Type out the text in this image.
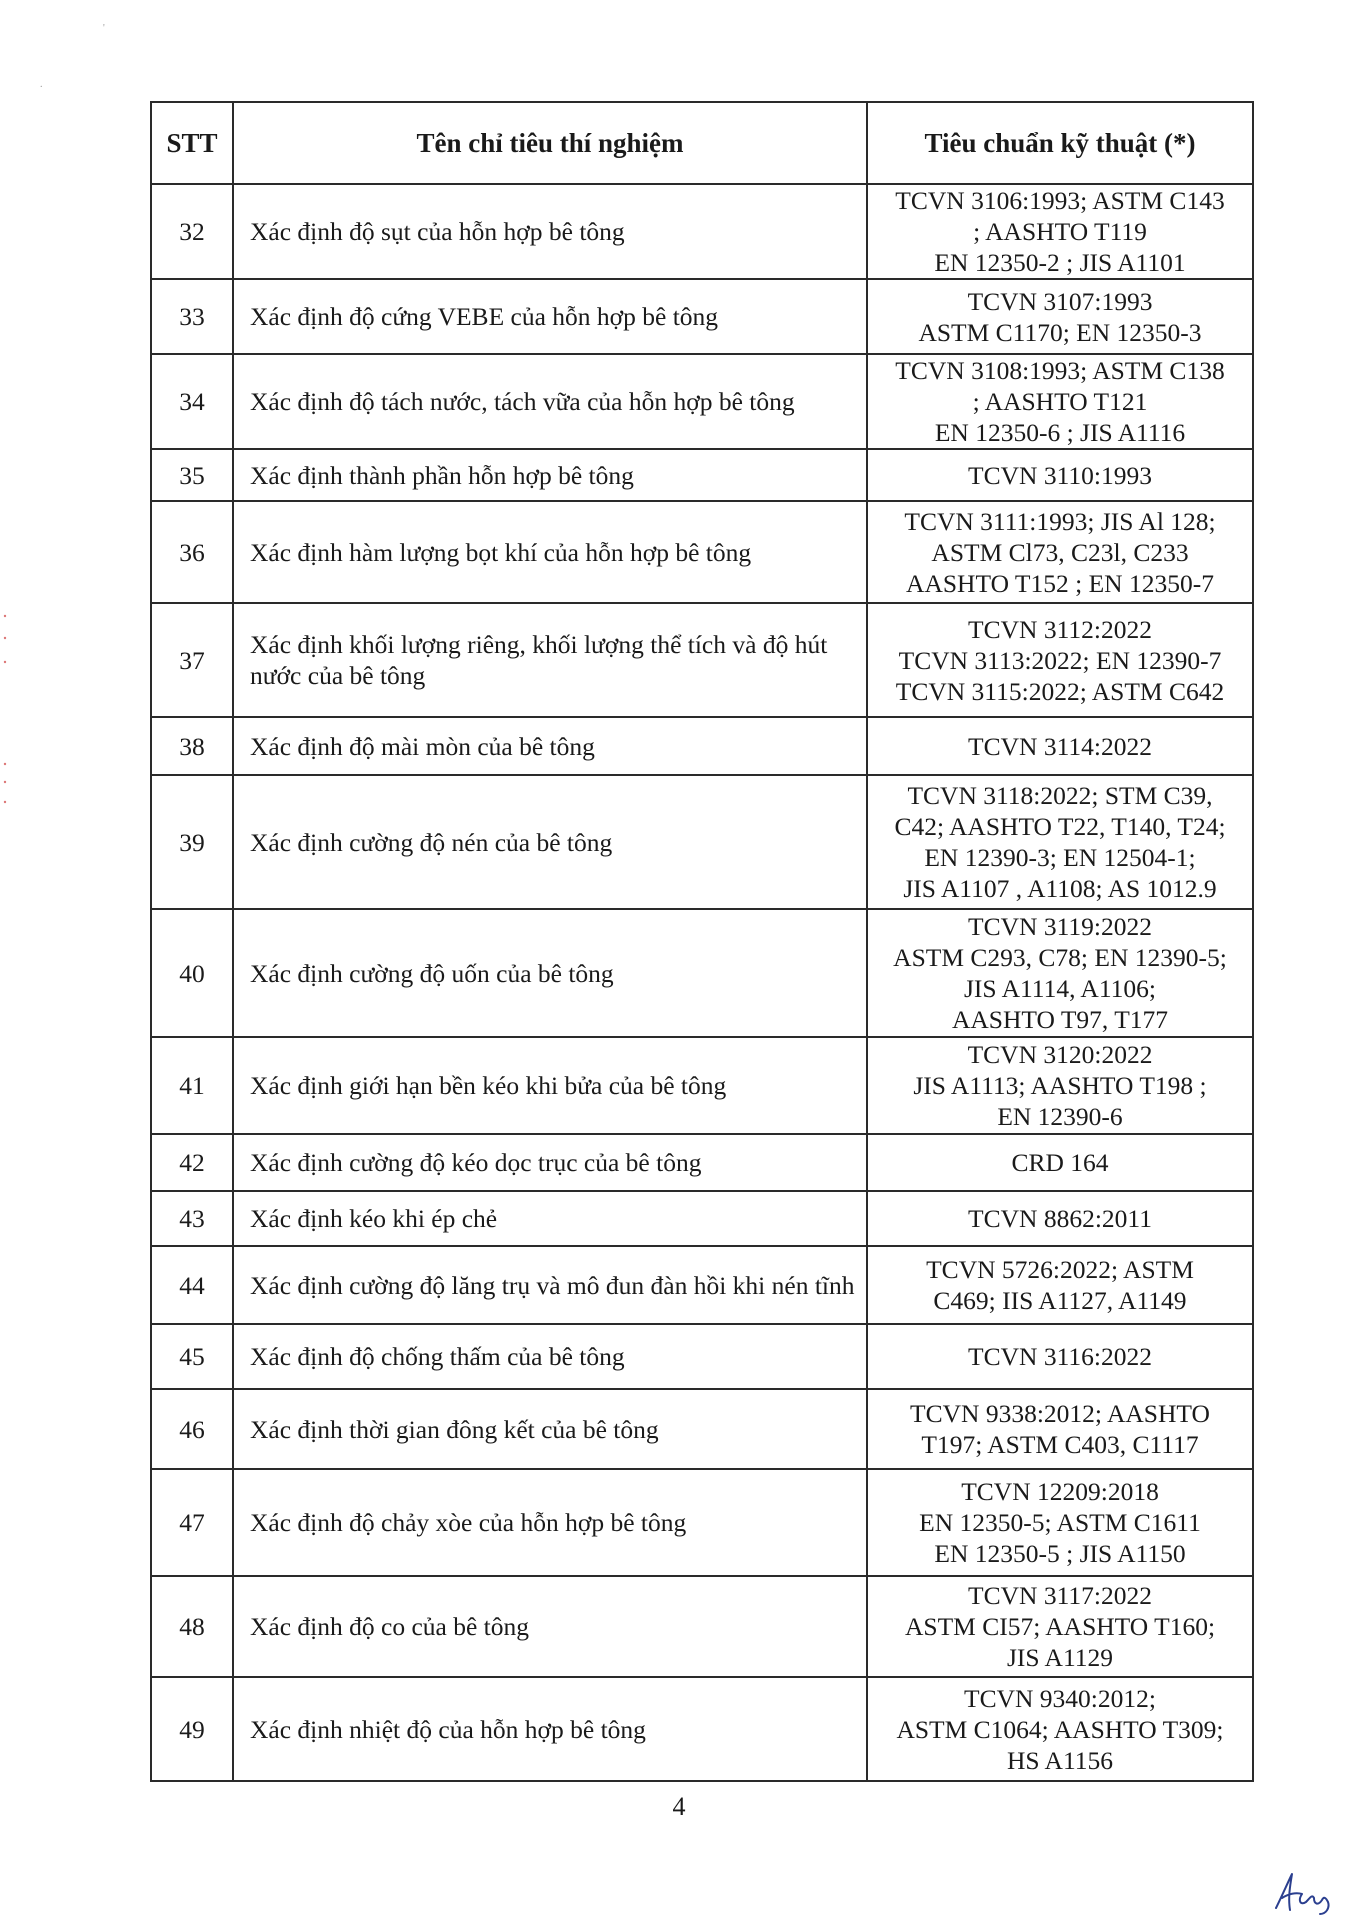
'
.
STT	Tên chỉ tiêu thí nghiệm	Tiêu chuẩn kỹ thuật (*)
32	Xác định độ sụt của hỗn hợp bê tông	TCVN 3106:1993; ASTM C143
; AASHTO T119
EN 12350-2 ; JIS A1101
33	Xác định độ cứng VEBE của hỗn hợp bê tông	TCVN 3107:1993
ASTM C1170; EN 12350-3
34	Xác định độ tách nước, tách vữa của hỗn hợp bê tông	TCVN 3108:1993; ASTM C138
; AASHTO T121
EN 12350-6 ; JIS A1116
35	Xác định thành phần hỗn hợp bê tông	TCVN 3110:1993
36	Xác định hàm lượng bọt khí của hỗn hợp bê tông	TCVN 3111:1993; JIS Al 128;
ASTM Cl73, C23l, C233
AASHTO T152 ; EN 12350-7
37	Xác định khối lượng riêng, khối lượng thể tích và độ hút nước của bê tông	TCVN 3112:2022
TCVN 3113:2022; EN 12390-7
TCVN 3115:2022; ASTM C642
38	Xác định độ mài mòn của bê tông	TCVN 3114:2022
39	Xác định cường độ nén của bê tông	TCVN 3118:2022; STM C39,
C42; AASHTO T22, T140, T24;
EN 12390-3; EN 12504-1;
JIS A1107 , A1108; AS 1012.9
40	Xác định cường độ uốn của bê tông	TCVN 3119:2022
ASTM C293, C78; EN 12390-5;
JIS A1114, A1106;
AASHTO T97, T177
41	Xác định giới hạn bền kéo khi bửa của bê tông	TCVN 3120:2022
JIS A1113; AASHTO T198 ;
EN 12390-6
42	Xác định cường độ kéo dọc trục của bê tông	CRD 164
43	Xác định kéo khi ép chẻ	TCVN 8862:2011
44	Xác định cường độ lăng trụ và mô đun đàn hồi khi nén tĩnh	TCVN 5726:2022; ASTM
C469; IIS A1127, A1149
45	Xác định độ chống thấm của bê tông	TCVN 3116:2022
46	Xác định thời gian đông kết của bê tông	TCVN 9338:2012; AASHTO
T197; ASTM C403, C1117
47	Xác định độ chảy xòe của hỗn hợp bê tông	TCVN 12209:2018
EN 12350-5; ASTM C1611
EN 12350-5 ; JIS A1150
48	Xác định độ co của bê tông	TCVN 3117:2022
ASTM CI57; AASHTO T160;
JIS A1129
49	Xác định nhiệt độ của hỗn hợp bê tông	TCVN 9340:2012;
ASTM C1064; AASHTO T309;
HS A1156
4
